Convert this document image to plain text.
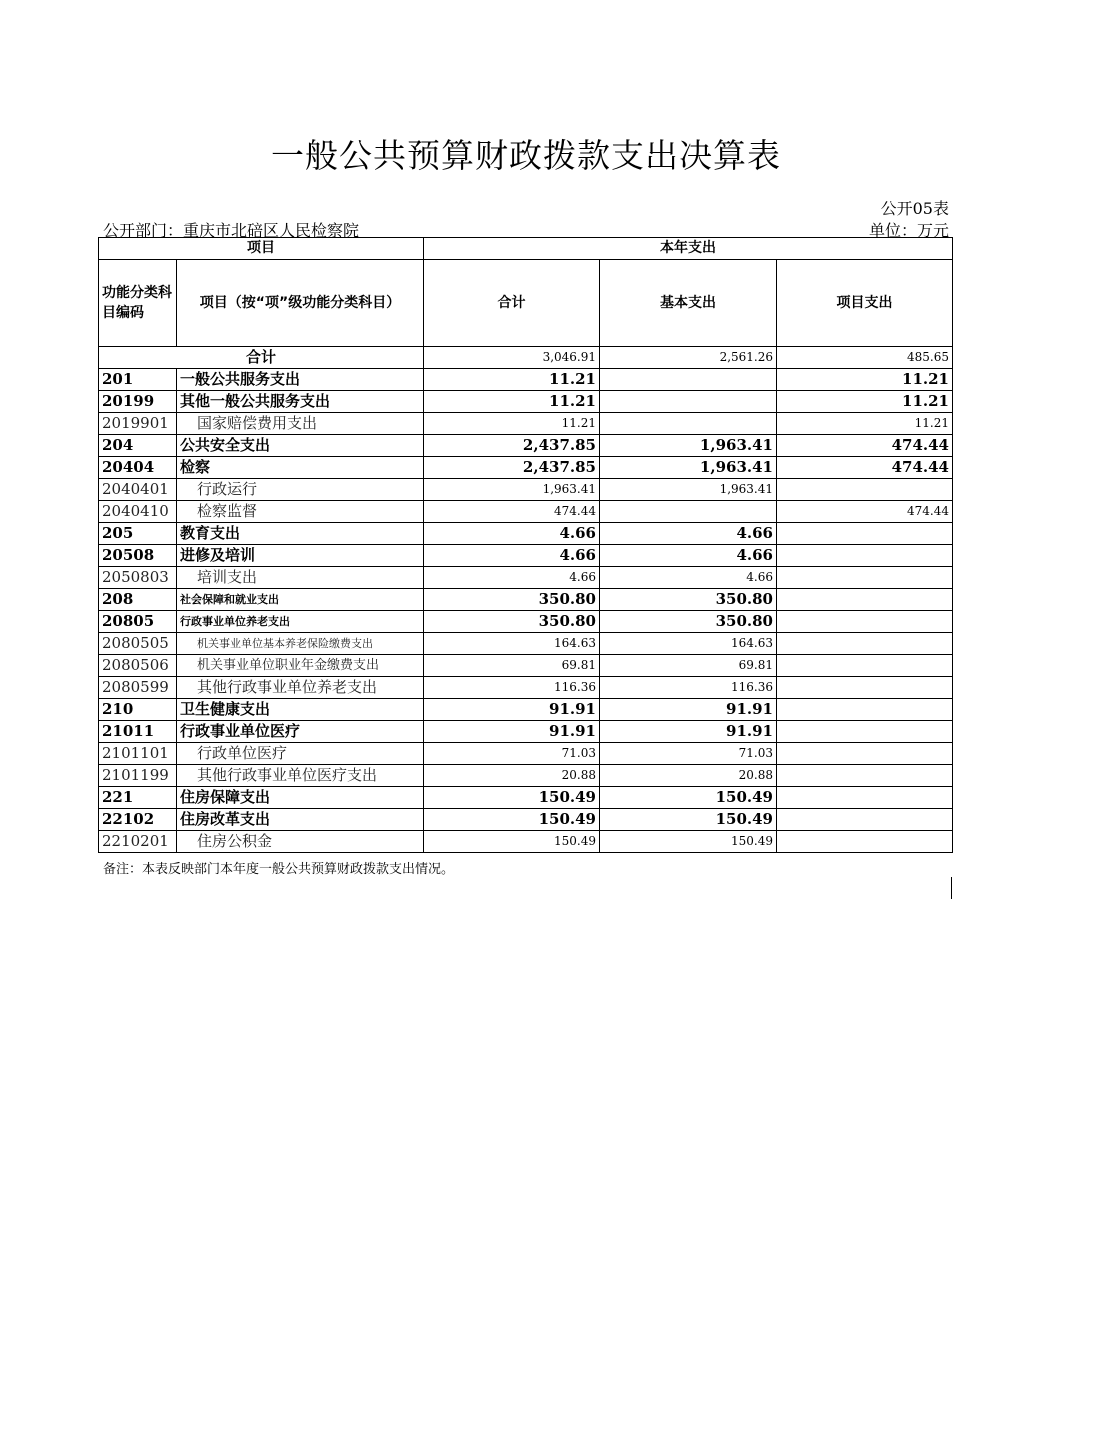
一般公共预算财政拨款支出决算表
公开05表
公开部门：重庆市北碚区人民检察院	单位：万元
项目		本年支出		
功能分类科目编码	项目（按“项”级功能分类科目）	合计	基本支出	项目支出
合计		3,046.91	2,561.26	485.65
201	一般公共服务支出	11.21		11.21
20199	其他一般公共服务支出	11.21		11.21
2019901	国家赔偿费用支出	11.21		11.21
204	公共安全支出	2,437.85	1,963.41	474.44
20404	检察	2,437.85	1,963.41	474.44
2040401	行政运行	1,963.41	1,963.41	
2040410	检察监督	474.44		474.44
205	教育支出	4.66	4.66	
20508	进修及培训	4.66	4.66	
2050803	培训支出	4.66	4.66	
208	社会保障和就业支出	350.80	350.80	
20805	行政事业单位养老支出	350.80	350.80	
2080505	机关事业单位基本养老保险缴费支出	164.63	164.63	
2080506	机关事业单位职业年金缴费支出	69.81	69.81	
2080599	其他行政事业单位养老支出	116.36	116.36	
210	卫生健康支出	91.91	91.91	
21011	行政事业单位医疗	91.91	91.91	
2101101	行政单位医疗	71.03	71.03	
2101199	其他行政事业单位医疗支出	20.88	20.88	
221	住房保障支出	150.49	150.49	
22102	住房改革支出	150.49	150.49	
2210201	住房公积金	150.49	150.49	
备注：本表反映部门本年度一般公共预算财政拨款支出情况。
